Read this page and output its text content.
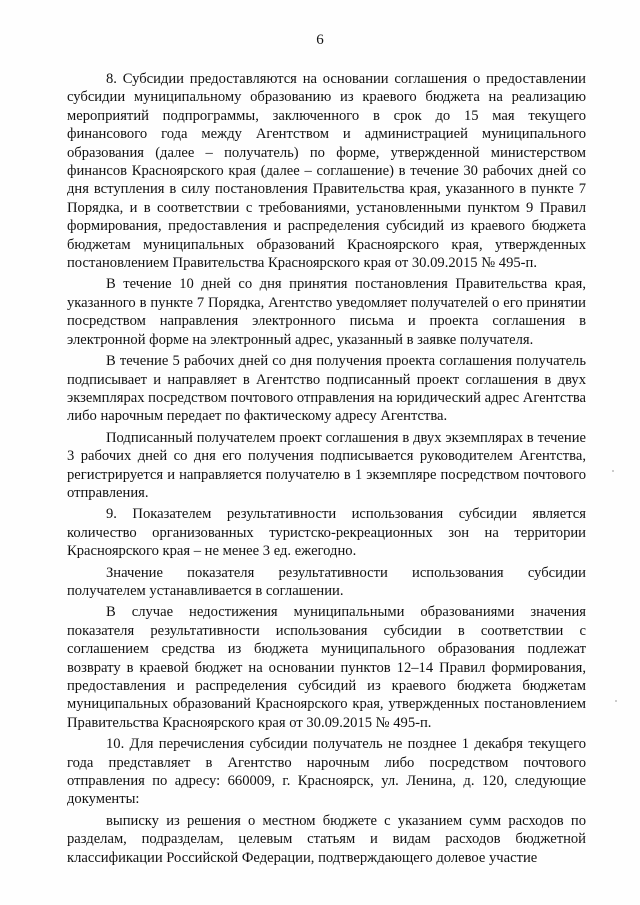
6

8. Субсидии предоставляются на основании соглашения о предоставлении субсидии муниципальному образованию из краевого бюджета на реализацию мероприятий подпрограммы, заключенного в срок до 15 мая текущего финансового года между Агентством и администрацией муниципального образования (далее – получатель) по форме, утвержденной министерством финансов Красноярского края (далее – соглашение) в течение 30 рабочих дней со дня вступления в силу постановления Правительства края, указанного в пункте 7 Порядка, и в соответствии с требованиями, установленными пунктом 9 Правил формирования, предоставления и распределения субсидий из краевого бюджета бюджетам муниципальных образований Красноярского края, утвержденных постановлением Правительства Красноярского края от 30.09.2015 № 495-п.

В течение 10 дней со дня принятия постановления Правительства края, указанного в пункте 7 Порядка, Агентство уведомляет получателей о его принятии посредством направления электронного письма и проекта соглашения в электронной форме на электронный адрес, указанный в заявке получателя.

В течение 5 рабочих дней со дня получения проекта соглашения получатель подписывает и направляет в Агентство подписанный проект соглашения в двух экземплярах посредством почтового отправления на юридический адрес Агентства либо нарочным передает по фактическому адресу Агентства.

Подписанный получателем проект соглашения в двух экземплярах в течение 3 рабочих дней со дня его получения подписывается руководителем Агентства, регистрируется и направляется получателю в 1 экземпляре посредством почтового отправления.

9. Показателем результативности использования субсидии является количество организованных туристско-рекреационных зон на территории Красноярского края – не менее 3 ед. ежегодно.

Значение показателя результативности использования субсидии получателем устанавливается в соглашении.

В случае недостижения муниципальными образованиями значения показателя результативности использования субсидии в соответствии с соглашением средства из бюджета муниципального образования подлежат возврату в краевой бюджет на основании пунктов 12–14 Правил формирования, предоставления и распределения субсидий из краевого бюджета бюджетам муниципальных образований Красноярского края, утвержденных постановлением Правительства Красноярского края от 30.09.2015 № 495-п.

10. Для перечисления субсидии получатель не позднее 1 декабря текущего года представляет в Агентство нарочным либо посредством почтового отправления по адресу: 660009, г. Красноярск, ул. Ленина, д. 120, следующие документы:

выписку из решения о местном бюджете с указанием сумм расходов по разделам, подразделам, целевым статьям и видам расходов бюджетной классификации Российской Федерации, подтверждающего долевое участие
